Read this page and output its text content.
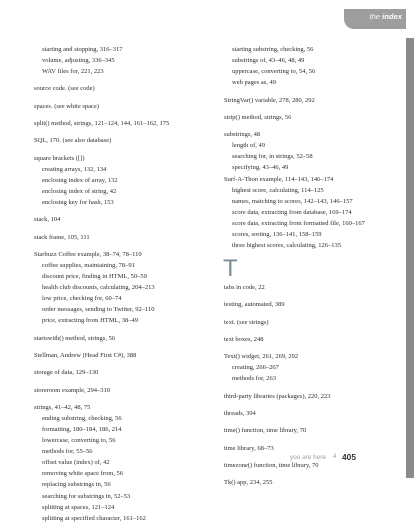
the index
starting and stopping, 316–317
volume, adjusting, 336–345
WAV files for, 221, 223
source code. (see code)
spaces. (see white space)
split() method, strings, 121–124, 144, 161–162, 175
SQL, 170. (see also database)
square brackets ([])
creating arrays, 132, 134
enclosing index of array, 132
enclosing index of string, 42
enclosing key for hash, 153
stack, 104
stack frame, 105, 111
Starbuzz Coffee example, 38–74, 78–110
coffee supplies, maintaining, 78–91
discount price, finding in HTML, 50–59
health club discounts, calculating, 204–213
low price, checking for, 60–74
order messages, sending to Twitter, 92–110
price, extracting from HTML, 38–49
startswith() method, strings, 56
Stellman, Andrew (Head First C#), 388
storage of data, 129–130
storeroom example, 294–310
strings, 41–42, 48, 75
ending substring, checking, 56
formatting, 180–184, 186, 214
lowercase, converting to, 56
methods for, 55–56
offset value (index) of, 42
removing white space from, 56
replacing substrings in, 56
searching for substrings in, 52–53
splitting at spaces, 121–124
splitting at specified character, 161–162
starting substring, checking, 56
substrings of, 43–46, 48, 49
uppercase, converting to, 54, 56
web pages as, 49
StringVar() variable, 278, 280, 292
strip() method, strings, 56
substrings, 48
length of, 49
searching for, in strings, 52–58
specifying, 43–46, 49
Surf-A-Thon example, 114–143, 146–174
highest score, calculating, 114–125
names, matching to scores, 142–143, 146–157
score data, extracting from database, 169–174
score data, extracting from formatted file, 160–167
scores, sorting, 136–141, 158–159
three highest scores, calculating, 126–135
T
tabs in code, 22
testing, automated, 389
text. (see strings)
text boxes, 248
Text() widget, 261, 269, 292
creating, 266–267
methods for, 263
third-party libraries (packages), 220, 223
threads, 394
time() function, time library, 70
time library, 68–73
timezone() function, time library, 70
Tk() app, 234, 255
you are here 4 405
